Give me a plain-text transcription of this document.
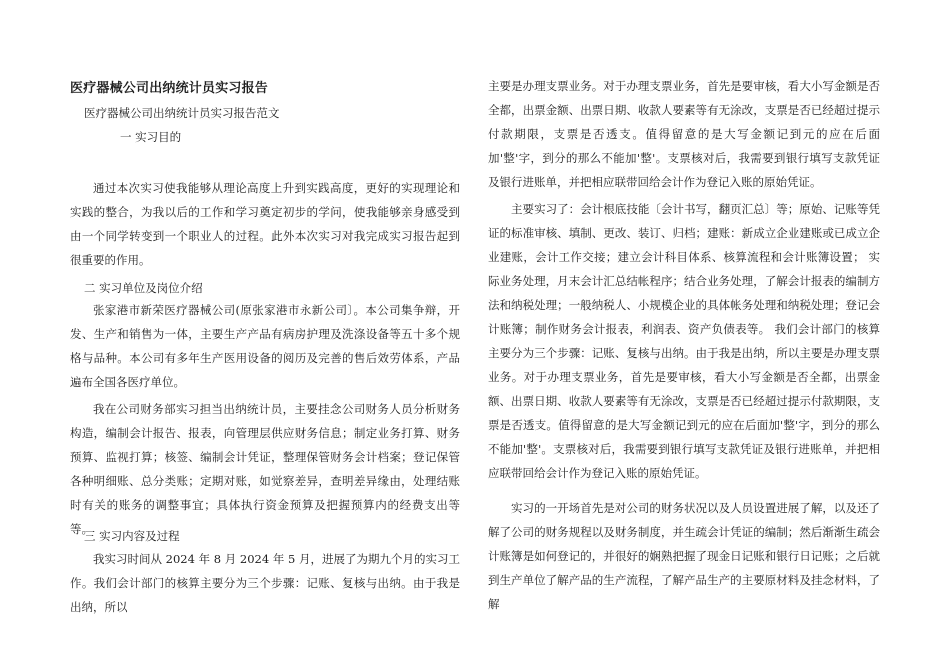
医疗器械公司出纳统计员实习报告

医疗器械公司出纳统计员实习报告范文

一 实习目的

通过本次实习使我能够从理论高度上升到实践高度，更好的实现理论和实践的整合，为我以后的工作和学习奠定初步的学问，使我能够亲身感受到由一个同学转变到一个职业人的过程。此外本次实习对我完成实习报告起到很重要的作用。

二 实习单位及岗位介绍

张家港市新荣医疗器械公司(原张家港市永新公司〕。本公司集争辩，开发、生产和销售为一体，主要生产产品有病房护理及洗涤设备等五十多个规格与品种。本公司有多年生产医用设备的阅历及完善的售后效劳体系，产品遍布全国各医疗单位。

我在公司财务部实习担当出纳统计员，主要挂念公司财务人员分析财务构造，编制会计报告、报表，向管理层供应财务信息；制定业务打算、财务预算、监视打算；核签、编制会计凭证，整理保管财务会计档案；登记保管各种明细账、总分类账；定期对账，如觉察差异，查明差异缘由，处理结账时有关的账务的调整事宜；具体执行资金预算及把握预算内的经费支出等等。

三 实习内容及过程

我实习时间从 2024 年 8 月 2024 年 5 月，进展了为期九个月的实习工作。我们会计部门的核算主要分为三个步骤：记账、复核与出纳。由于我是出纳，所以

主要是办理支票业务。对于办理支票业务，首先是要审核，看大小写金额是否全都，出票金额、出票日期、收款人要素等有无涂改，支票是否已经超过提示付款期限，支票是否透支。值得留意的是大写金额记到元的应在后面加'整'字，到分的那么不能加'整'。支票核对后，我需要到银行填写支款凭证及银行进账单，并把相应联带回给会计作为登记入账的原始凭证。

主要实习了：会计根底技能〔会计书写，翻页汇总〕等；原始、记账等凭证的标准审核、填制、更改、装订、归档；建账：新成立企业建账或已成立企业建账，会计工作交接；建立会计科目体系、核算流程和会计账簿设置； 实际业务处理，月末会计汇总结帐程序；结合业务处理，了解会计报表的编制方法和纳税处理；一般纳税人、小规模企业的具体帐务处理和纳税处理；登记会计账簿；制作财务会计报表，利润表、资产负债表等。 我们会计部门的核算主要分为三个步骤：记账、复核与出纳。由于我是出纳，所以主要是办理支票业务。对于办理支票业务，首先是要审核，看大小写金额是否全都，出票金额、出票日期、收款人要素等有无涂改，支票是否已经超过提示付款期限，支票是否透支。值得留意的是大写金额记到元的应在后面加'整'字，到分的那么不能加'整'。支票核对后，我需要到银行填写支款凭证及银行进账单，并把相应联带回给会计作为登记入账的原始凭证。

实习的一开场首先是对公司的财务状况以及人员设置进展了解，以及还了解了公司的财务规程以及财务制度，并生疏会计凭证的编制；然后渐渐生疏会计账簿是如何登记的，并很好的娴熟把握了现金日记账和银行日记账；之后就到生产单位了解产品的生产流程，了解产品生产的主要原材料及挂念材料，了解
